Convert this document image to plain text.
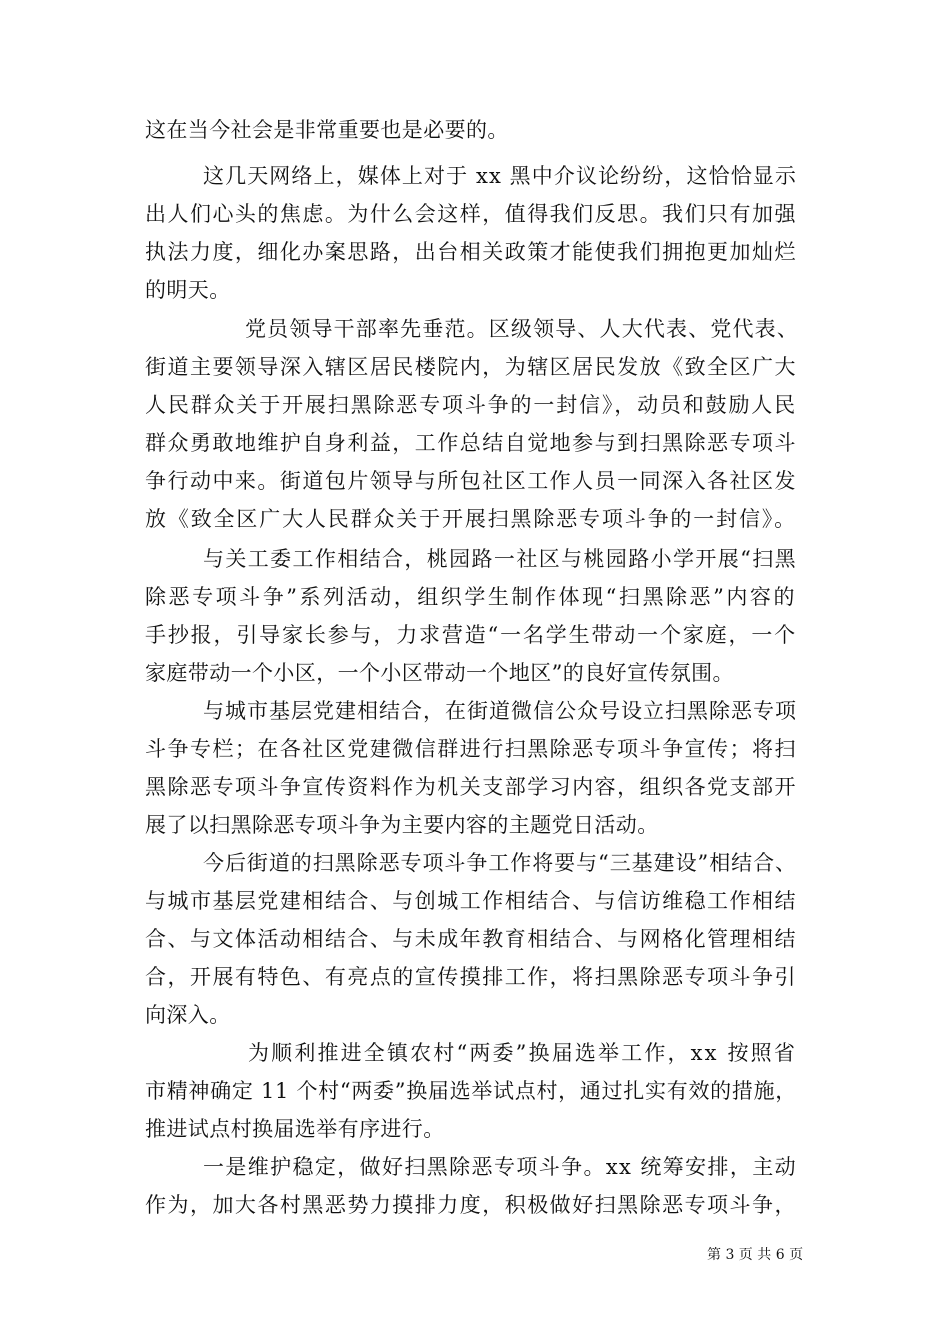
这在当今社会是非常重要也是必要的。
这几天网络上，媒体上对于 xx 黑中介议论纷纷，这恰恰显示
出人们心头的焦虑。为什么会这样，值得我们反思。我们只有加强
执法力度，细化办案思路，出台相关政策才能使我们拥抱更加灿烂
的明天。
党员领导干部率先垂范。区级领导、人大代表、党代表、
街道主要领导深入辖区居民楼院内，为辖区居民发放《致全区广大
人民群众关于开展扫黑除恶专项斗争的一封信》，动员和鼓励人民
群众勇敢地维护自身利益，工作总结自觉地参与到扫黑除恶专项斗
争行动中来。街道包片领导与所包社区工作人员一同深入各社区发
放《致全区广大人民群众关于开展扫黑除恶专项斗争的一封信》。
与关工委工作相结合，桃园路一社区与桃园路小学开展“扫黑
除恶专项斗争”系列活动，组织学生制作体现“扫黑除恶”内容的
手抄报，引导家长参与，力求营造“一名学生带动一个家庭，一个
家庭带动一个小区，一个小区带动一个地区”的良好宣传氛围。
与城市基层党建相结合，在街道微信公众号设立扫黑除恶专项
斗争专栏；在各社区党建微信群进行扫黑除恶专项斗争宣传；将扫
黑除恶专项斗争宣传资料作为机关支部学习内容，组织各党支部开
展了以扫黑除恶专项斗争为主要内容的主题党日活动。
今后街道的扫黑除恶专项斗争工作将要与“三基建设”相结合、
与城市基层党建相结合、与创城工作相结合、与信访维稳工作相结
合、与文体活动相结合、与未成年教育相结合、与网格化管理相结
合，开展有特色、有亮点的宣传摸排工作，将扫黑除恶专项斗争引
向深入。
为顺利推进全镇农村“两委”换届选举工作，xx 按照省
市精神确定 11 个村“两委”换届选举试点村，通过扎实有效的措施，
推进试点村换届选举有序进行。
一是维护稳定，做好扫黑除恶专项斗争。xx 统筹安排，主动
作为，加大各村黑恶势力摸排力度，积极做好扫黑除恶专项斗争，
第 3 页 共 6 页
